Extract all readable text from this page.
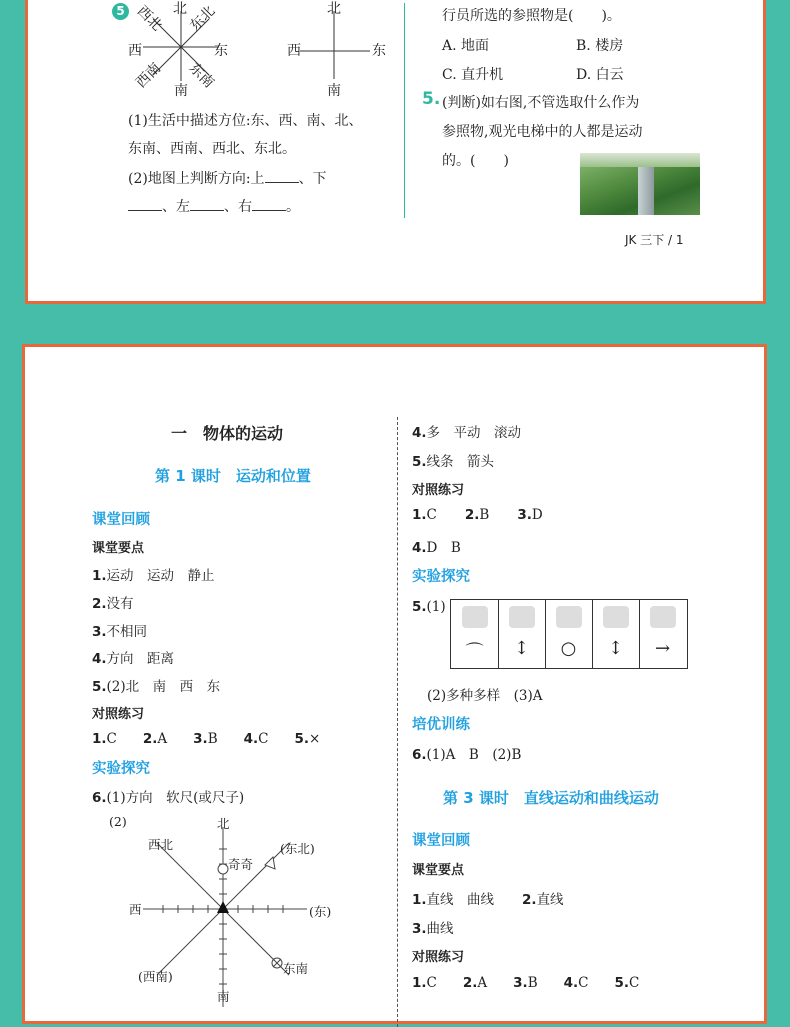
5	北
南
西	东
西北 东北
西南 东南
北
南
西	东
(1)生活中描述方位:东、西、南、北、
东南、西南、西北、东北。
(2)地图上判断方向:上 、下
、左 、右 。
行员所选的参照物是(　　)。
A. 地面	B. 楼房
C. 直升机	D. 白云
5. (判断)如右图,不管选取什么作为
参照物,观光电梯中的人都是运动
的。(　　)
JK 三下 / 1
一　物体的运动
第 1 课时　运动和位置
课堂回顾
课堂要点
1.运动　运动　静止
2.没有
3.不相同
4.方向　距离
5.(2)北　南　西　东
对照练习
1.C 2.A 3.B 4.C 5.×
实验探究
6.(1)方向　软尺(或尺子)
(2)	北
南
西	(东)
西北	(东北)
(西南)
东南
奇奇
4.多　平动　滚动
5.线条　箭头
对照练习
1.C 2.B 3.D
4.D　B
实验探究
5.(1)
⌒	↕	○	↕	→
(2)多种多样　(3)A
培优训练
6.(1)A　B　(2)B
第 3 课时　直线运动和曲线运动
课堂回顾
课堂要点
1.直线　曲线 2.直线
3.曲线
对照练习
1.C 2.A 3.B 4.C 5.C
